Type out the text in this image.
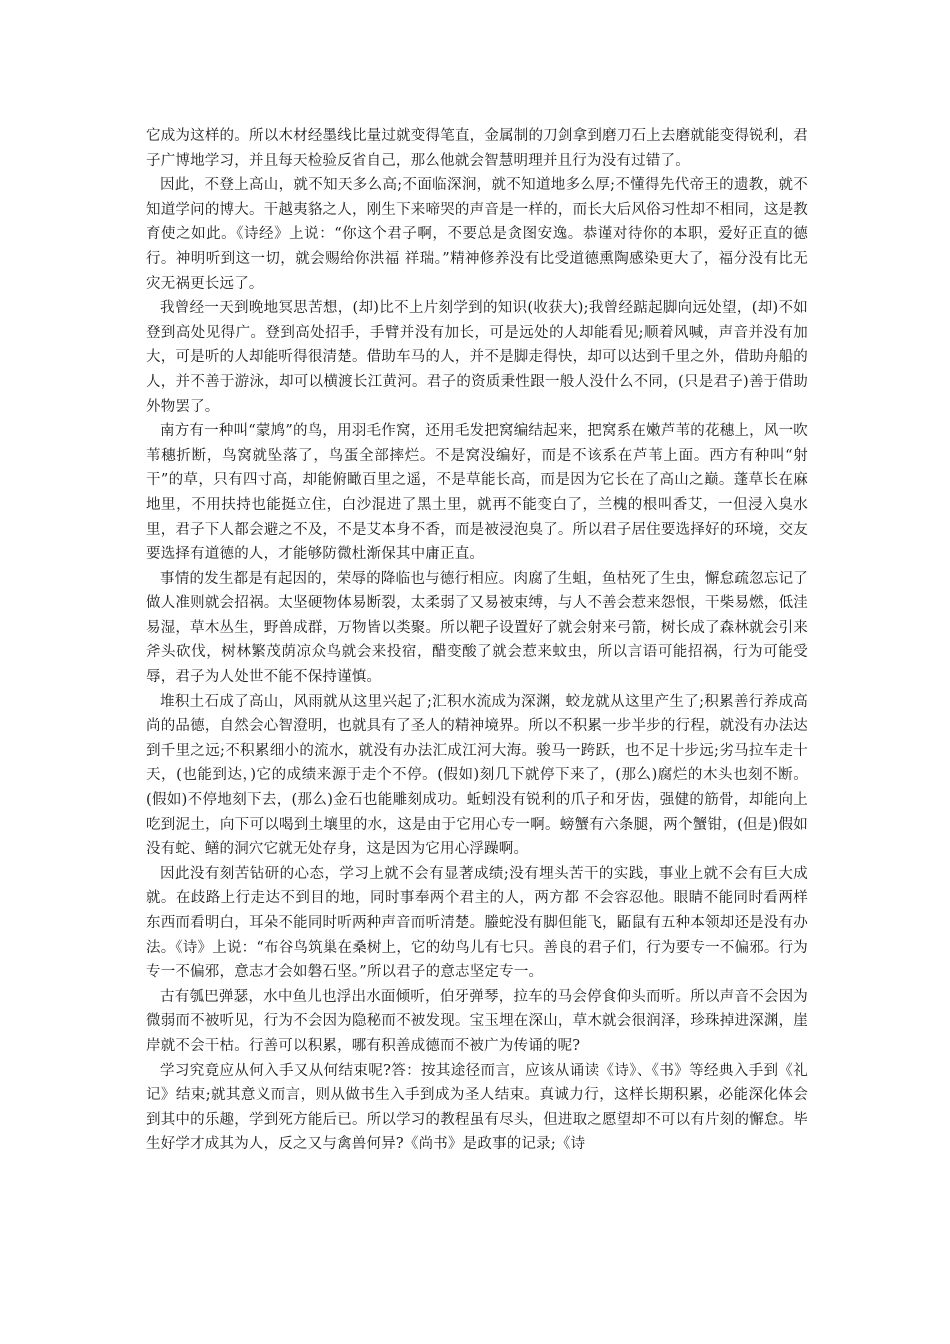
它成为这样的。所以木材经墨线比量过就变得笔直，金属制的刀剑拿到磨刀石上去磨就能变得锐利，君子广博地学习，并且每天检验反省自己，那么他就会智慧明理并且行为没有过错了。

因此，不登上高山，就不知天多么高;不面临深涧，就不知道地多么厚;不懂得先代帝王的遗教，就不知道学问的博大。干越夷貉之人，刚生下来啼哭的声音是一样的，而长大后风俗习性却不相同，这是教育使之如此。《诗经》上说：“你这个君子啊，不要总是贪图安逸。恭谨对待你的本职，爱好正直的德行。神明听到这一切，就会赐给你洪福 祥瑞。”精神修养没有比受道德熏陶感染更大了，福分没有比无灾无祸更长远了。

我曾经一天到晚地冥思苦想，(却)比不上片刻学到的知识(收获大);我曾经踮起脚向远处望，(却)不如登到高处见得广。登到高处招手，手臂并没有加长，可是远处的人却能看见;顺着风喊，声音并没有加大，可是听的人却能听得很清楚。借助车马的人，并不是脚走得快，却可以达到千里之外，借助舟船的人，并不善于游泳，却可以横渡长江黄河。君子的资质秉性跟一般人没什么不同，(只是君子)善于借助外物罢了。

南方有一种叫“蒙鸠”的鸟，用羽毛作窝，还用毛发把窝编结起来，把窝系在嫩芦苇的花穗上，风一吹苇穗折断，鸟窝就坠落了，鸟蛋全部摔烂。不是窝没编好，而是不该系在芦苇上面。西方有种叫“射干”的草，只有四寸高，却能俯瞰百里之遥，不是草能长高，而是因为它长在了高山之巅。蓬草长在麻地里，不用扶持也能挺立住，白沙混进了黑土里，就再不能变白了，兰槐的根叫香艾，一但浸入臭水里，君子下人都会避之不及，不是艾本身不香，而是被浸泡臭了。所以君子居住要选择好的环境，交友要选择有道德的人，才能够防微杜渐保其中庸正直。

事情的发生都是有起因的，荣辱的降临也与德行相应。肉腐了生蛆，鱼枯死了生虫，懈怠疏忽忘记了做人准则就会招祸。太坚硬物体易断裂，太柔弱了又易被束缚，与人不善会惹来怨恨，干柴易燃，低洼易湿，草木丛生，野兽成群，万物皆以类聚。所以靶子设置好了就会射来弓箭，树长成了森林就会引来斧头砍伐，树林繁茂荫凉众鸟就会来投宿，醋变酸了就会惹来蚊虫，所以言语可能招祸，行为可能受辱，君子为人处世不能不保持谨慎。

堆积土石成了高山，风雨就从这里兴起了;汇积水流成为深渊，蛟龙就从这里产生了;积累善行养成高尚的品德，自然会心智澄明，也就具有了圣人的精神境界。所以不积累一步半步的行程，就没有办法达到千里之远;不积累细小的流水，就没有办法汇成江河大海。骏马一跨跃，也不足十步远;劣马拉车走十天，(也能到达，)它的成绩来源于走个不停。(假如)刻几下就停下来了，(那么)腐烂的木头也刻不断。(假如)不停地刻下去，(那么)金石也能雕刻成功。蚯蚓没有锐利的爪子和牙齿，强健的筋骨，却能向上吃到泥土，向下可以喝到土壤里的水，这是由于它用心专一啊。螃蟹有六条腿，两个蟹钳，(但是)假如没有蛇、鳝的洞穴它就无处存身，这是因为它用心浮躁啊。

因此没有刻苦钻研的心态，学习上就不会有显著成绩;没有埋头苦干的实践，事业上就不会有巨大成就。在歧路上行走达不到目的地，同时事奉两个君主的人，两方都 不会容忍他。眼睛不能同时看两样东西而看明白，耳朵不能同时听两种声音而听清楚。螣蛇没有脚但能飞，鼫鼠有五种本领却还是没有办法。《诗》上说：“布谷鸟筑巢在桑树上，它的幼鸟儿有七只。善良的君子们，行为要专一不偏邪。行为专一不偏邪，意志才会如磐石坚。”所以君子的意志坚定专一。

古有瓠巴弹瑟，水中鱼儿也浮出水面倾听，伯牙弹琴，拉车的马会停食仰头而听。所以声音不会因为微弱而不被听见，行为不会因为隐秘而不被发现。宝玉埋在深山，草木就会很润泽，珍珠掉进深渊，崖岸就不会干枯。行善可以积累，哪有积善成德而不被广为传诵的呢?

学习究竟应从何入手又从何结束呢?答：按其途径而言，应该从诵读《诗》、《书》等经典入手到《礼记》结束;就其意义而言，则从做书生入手到成为圣人结束。真诚力行，这样长期积累，必能深化体会到其中的乐趣，学到死方能后已。所以学习的教程虽有尽头，但进取之愿望却不可以有片刻的懈怠。毕生好学才成其为人，反之又与禽兽何异?《尚书》是政事的记录;《诗
